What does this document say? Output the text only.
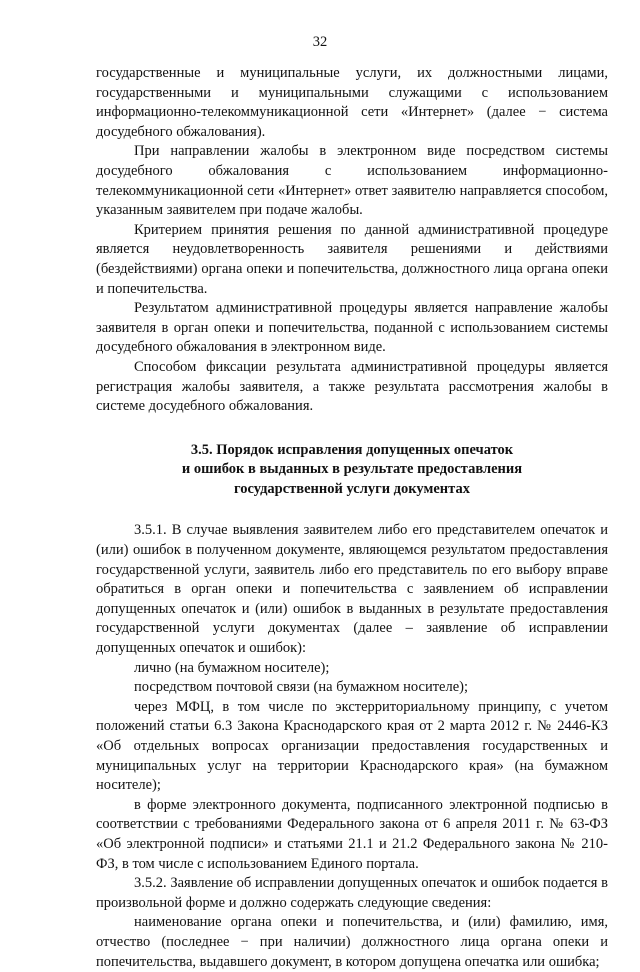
32

государственные и муниципальные услуги, их должностными лицами, государственными и муниципальными служащими с использованием информационно-телекоммуникационной сети «Интернет» (далее − система досудебного обжалования).

При направлении жалобы в электронном виде посредством системы досудебного обжалования с использованием информационно-телекоммуникационной сети «Интернет» ответ заявителю направляется способом, указанным заявителем при подаче жалобы.

Критерием принятия решения по данной административной процедуре является неудовлетворенность заявителя решениями и действиями (бездействиями) органа опеки и попечительства, должностного лица органа опеки и попечительства.

Результатом административной процедуры является направление жалобы заявителя в орган опеки и попечительства, поданной с использованием системы досудебного обжалования в электронном виде.

Способом фиксации результата административной процедуры является регистрация жалобы заявителя, а также результата рассмотрения жалобы в системе досудебного обжалования.

3.5. Порядок исправления допущенных опечаток
и ошибок в выданных в результате предоставления
государственной услуги документах

3.5.1. В случае выявления заявителем либо его представителем опечаток и (или) ошибок в полученном документе, являющемся результатом предоставления государственной услуги, заявитель либо его представитель по его выбору вправе обратиться в орган опеки и попечительства с заявлением об исправлении допущенных опечаток и (или) ошибок в выданных в результате предоставления государственной услуги документах (далее – заявление об исправлении допущенных опечаток и ошибок):

лично (на бумажном носителе);

посредством почтовой связи (на бумажном носителе);

через МФЦ, в том числе по экстерриториальному принципу, с учетом положений статьи 6.3 Закона Краснодарского края от 2 марта 2012 г. № 2446-КЗ «Об отдельных вопросах организации предоставления государственных и муниципальных услуг на территории Краснодарского края» (на бумажном носителе);

в форме электронного документа, подписанного электронной подписью в соответствии с требованиями Федерального закона от 6 апреля 2011 г. № 63-ФЗ «Об электронной подписи» и статьями 21.1 и 21.2 Федерального закона № 210-ФЗ, в том числе с использованием Единого портала.

3.5.2. Заявление об исправлении допущенных опечаток и ошибок подается в произвольной форме и должно содержать следующие сведения:

наименование органа опеки и попечительства, и (или) фамилию, имя, отчество (последнее − при наличии) должностного лица органа опеки и попечительства, выдавшего документ, в котором допущена опечатка или ошибка;
